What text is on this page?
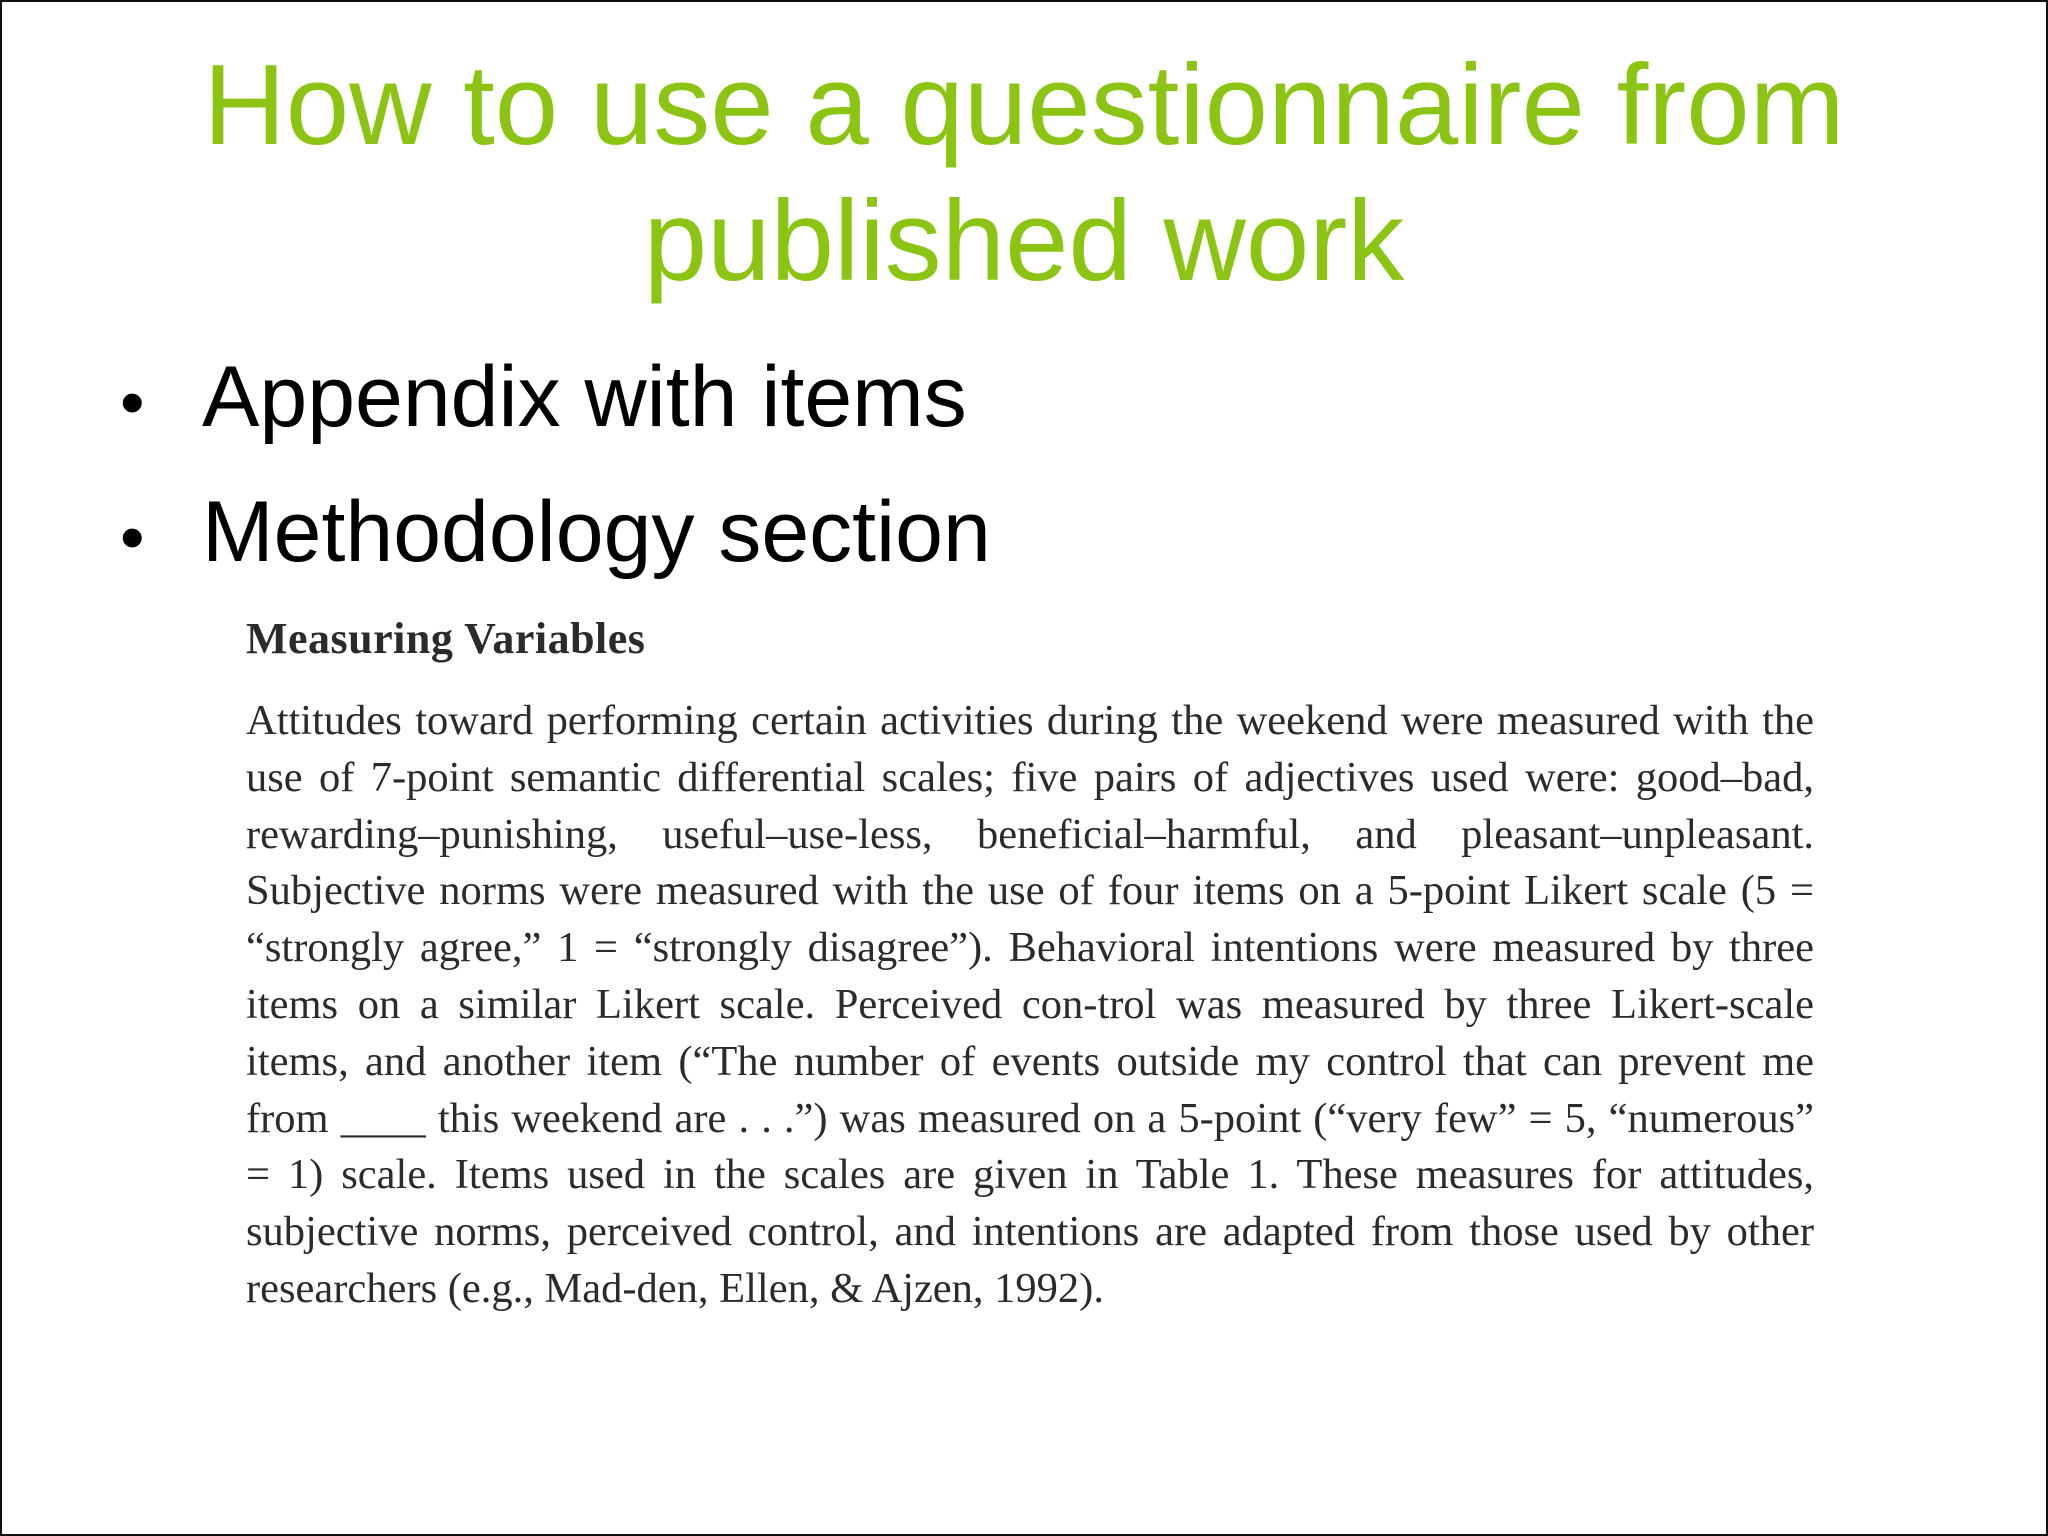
How to use a questionnaire from
published work
• Appendix with items
• Methodology section
Measuring Variables

Attitudes toward performing certain activities during the weekend were measured with the use of 7-point semantic differential scales; five pairs of adjectives used were: good–bad, rewarding–punishing, useful–use-less, beneficial–harmful, and pleasant–unpleasant. Subjective norms were measured with the use of four items on a 5-point Likert scale (5 = “strongly agree,” 1 = “strongly disagree”). Behavioral intentions were measured by three items on a similar Likert scale. Perceived con-trol was measured by three Likert-scale items, and another item (“The number of events outside my control that can prevent me from ____ this weekend are . . .”) was measured on a 5-point (“very few” = 5, “numerous” = 1) scale. Items used in the scales are given in Table 1. These measures for attitudes, subjective norms, perceived control, and intentions are adapted from those used by other researchers (e.g., Mad-den, Ellen, & Ajzen, 1992).
